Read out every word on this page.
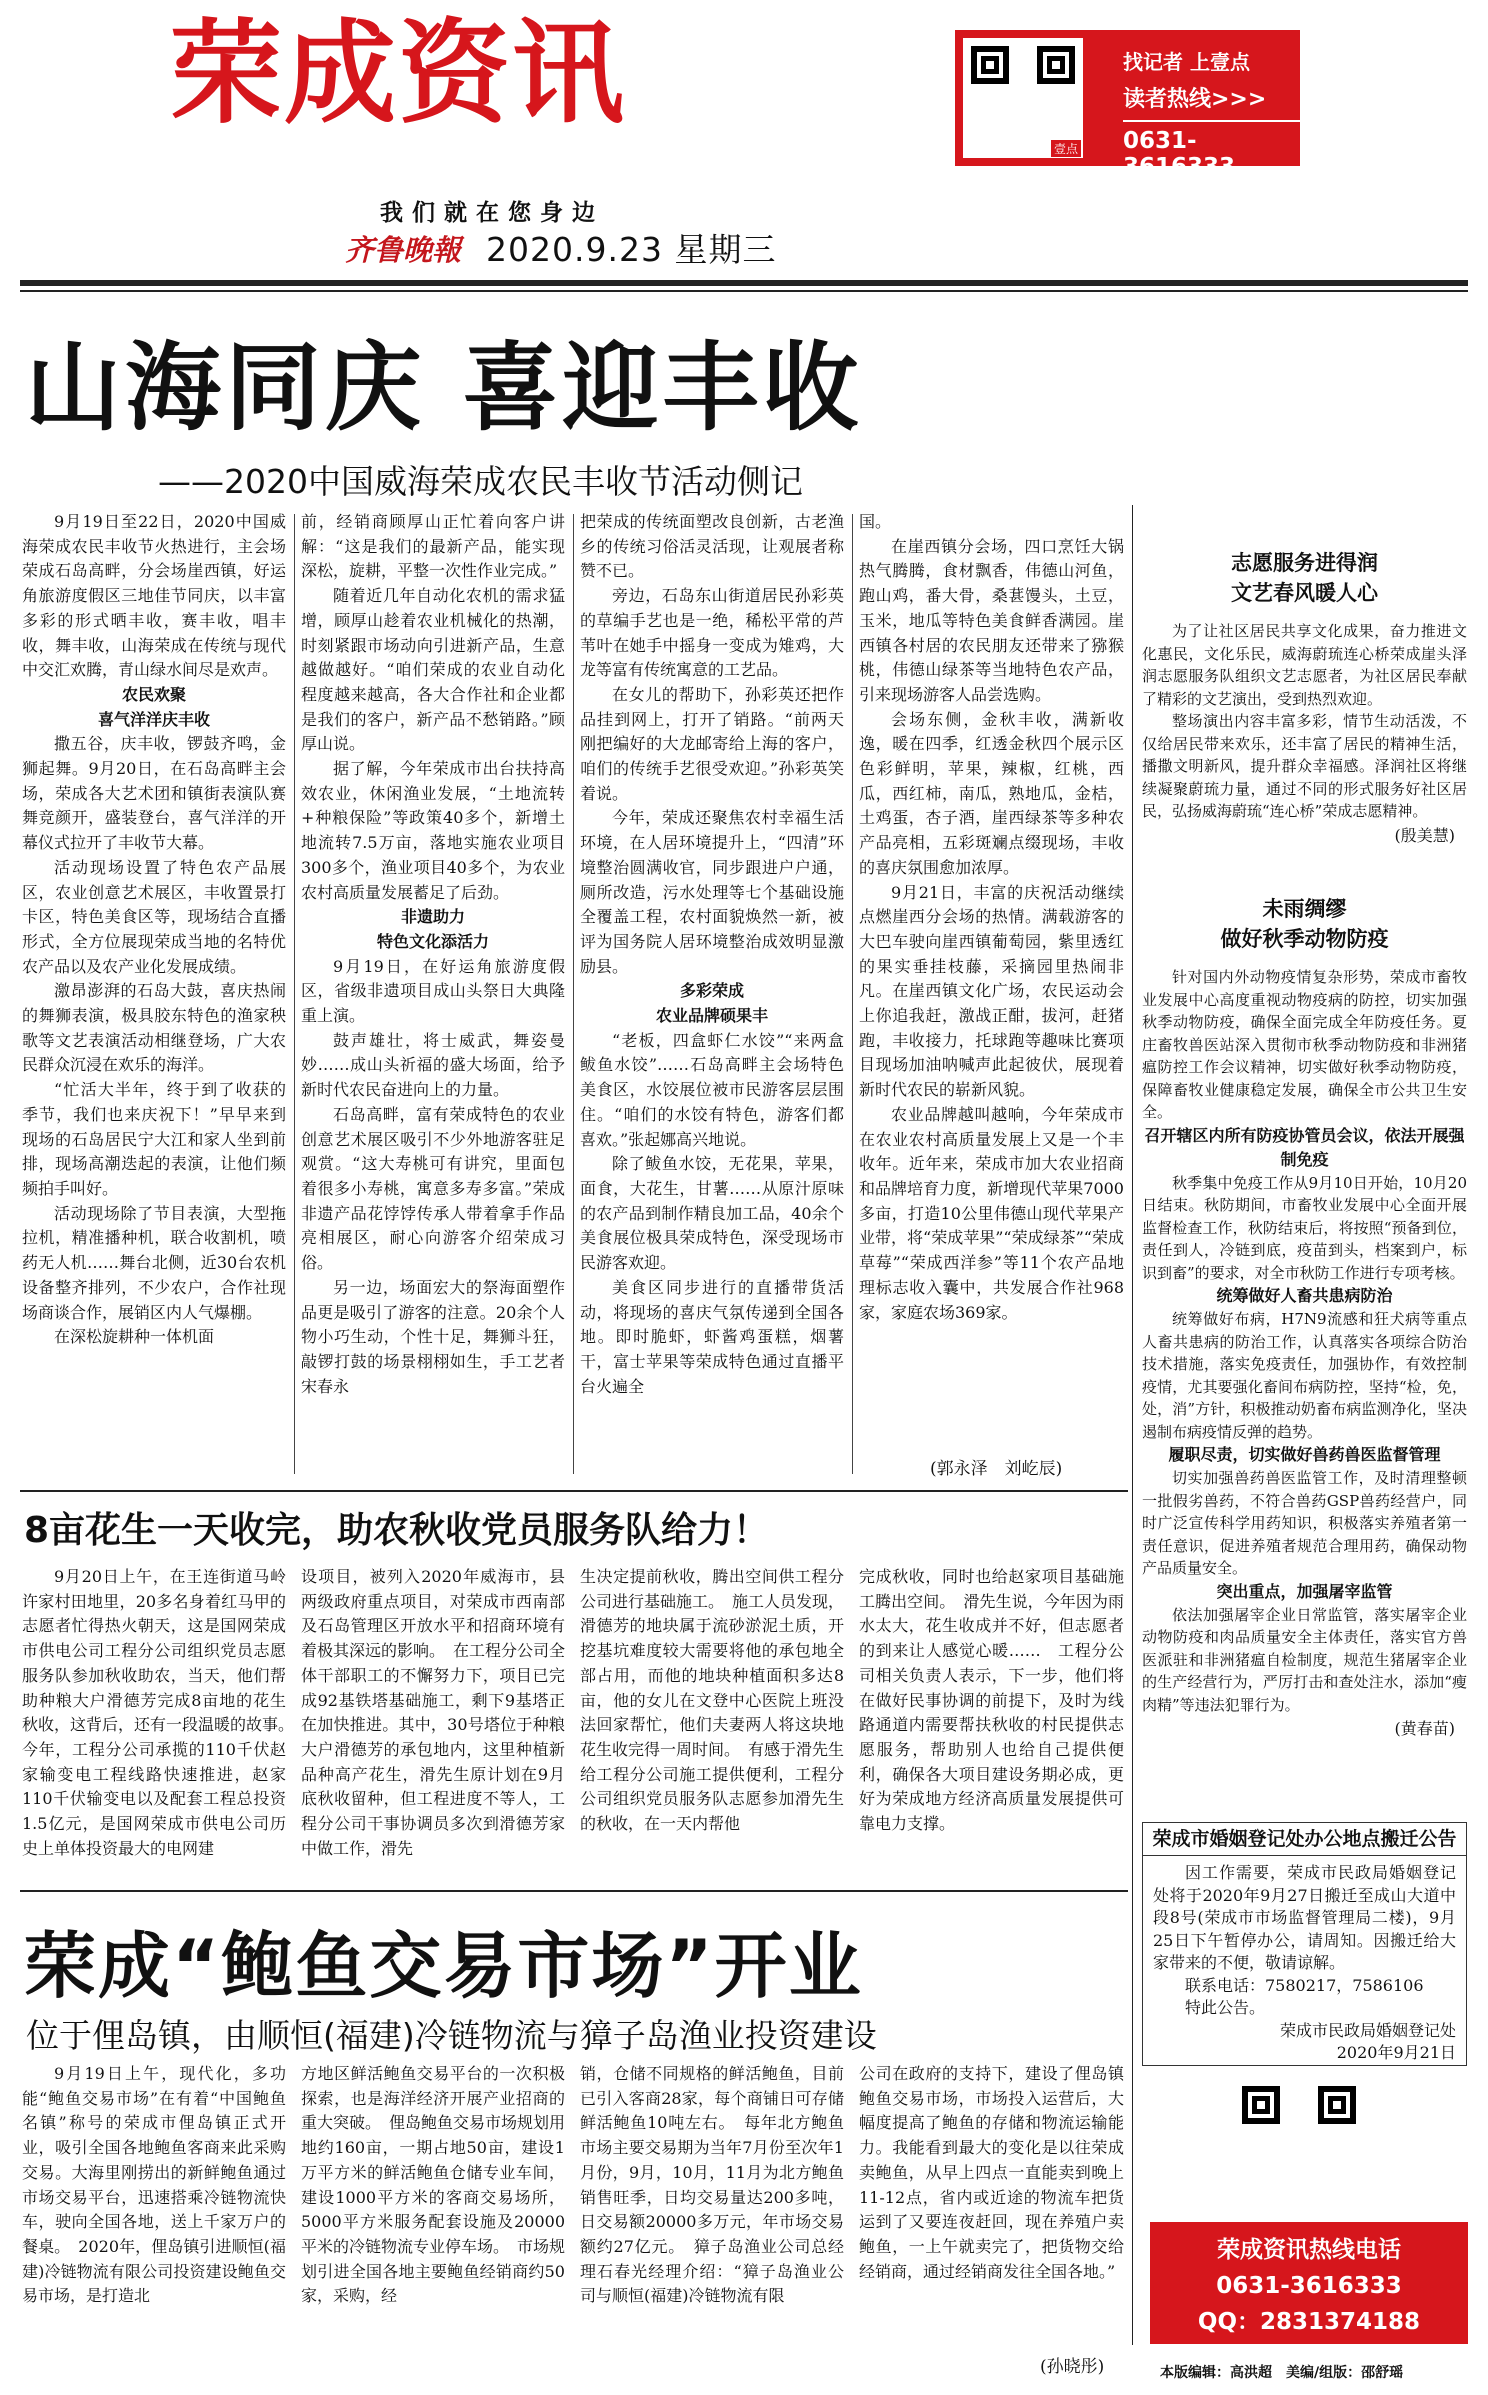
荣成资讯
我们就在您身边
齐鲁晚報 2020.9.23 星期三
壹点
找记者 上壹点
读者热线>>>
0631-3616333
山海同庆 喜迎丰收
——2020中国威海荣成农民丰收节活动侧记

9月19日至22日，2020中国威海荣成农民丰收节火热进行，主会场荣成石岛高畔，分会场崖西镇，好运角旅游度假区三地佳节同庆，以丰富多彩的形式晒丰收，赛丰收，唱丰收，舞丰收，山海荣成在传统与现代中交汇欢腾，青山绿水间尽是欢声。

农民欢聚
喜气洋洋庆丰收

撒五谷，庆丰收，锣鼓齐鸣，金狮起舞。9月20日，在石岛高畔主会场，荣成各大艺术团和镇街表演队赛舞竞颜开，盛装登台，喜气洋洋的开幕仪式拉开了丰收节大幕。

活动现场设置了特色农产品展区，农业创意艺术展区，丰收置景打卡区，特色美食区等，现场结合直播形式，全方位展现荣成当地的名特优农产品以及农产业化发展成绩。

激昂澎湃的石岛大鼓，喜庆热闹的舞狮表演，极具胶东特色的渔家秧歌等文艺表演活动相继登场，广大农民群众沉浸在欢乐的海洋。

“忙活大半年，终于到了收获的季节，我们也来庆祝下！”早早来到现场的石岛居民宁大江和家人坐到前排，现场高潮迭起的表演，让他们频频拍手叫好。

活动现场除了节目表演，大型拖拉机，精准播种机，联合收割机，喷药无人机……舞台北侧，近30台农机设备整齐排列，不少农户，合作社现场商谈合作，展销区内人气爆棚。

在深松旋耕种一体机面

前，经销商顾厚山正忙着向客户讲解：“这是我们的最新产品，能实现深松，旋耕，平整一次性作业完成。”

随着近几年自动化农机的需求猛增，顾厚山趁着农业机械化的热潮，时刻紧跟市场动向引进新产品，生意越做越好。“咱们荣成的农业自动化程度越来越高，各大合作社和企业都是我们的客户，新产品不愁销路。”顾厚山说。

据了解，今年荣成市出台扶持高效农业，休闲渔业发展，“土地流转+种粮保险”等政策40多个，新增土地流转7.5万亩，落地实施农业项目300多个，渔业项目40多个，为农业农村高质量发展蓄足了后劲。

非遗助力
特色文化添活力

9月19日，在好运角旅游度假区，省级非遗项目成山头祭日大典隆重上演。

鼓声雄壮，将士威武，舞姿曼妙……成山头祈福的盛大场面，给予新时代农民奋进向上的力量。

石岛高畔，富有荣成特色的农业创意艺术展区吸引不少外地游客驻足观赏。“这大寿桃可有讲究，里面包着很多小寿桃，寓意多寿多富。”荣成非遗产品花饽饽传承人带着拿手作品亮相展区，耐心向游客介绍荣成习俗。

另一边，场面宏大的祭海面塑作品更是吸引了游客的注意。20余个人物小巧生动，个性十足，舞狮斗狂，敲锣打鼓的场景栩栩如生，手工艺者宋春永

把荣成的传统面塑改良创新，古老渔乡的传统习俗活灵活现，让观展者称赞不已。

旁边，石岛东山街道居民孙彩英的草编手艺也是一绝，稀松平常的芦苇叶在她手中摇身一变成为雉鸡，大龙等富有传统寓意的工艺品。

在女儿的帮助下，孙彩英还把作品挂到网上，打开了销路。“前两天刚把编好的大龙邮寄给上海的客户，咱们的传统手艺很受欢迎。”孙彩英笑着说。

今年，荣成还聚焦农村幸福生活环境，在人居环境提升上，“四清”环境整治圆满收官，同步跟进户户通，厕所改造，污水处理等七个基础设施全覆盖工程，农村面貌焕然一新，被评为国务院人居环境整治成效明显激励县。

多彩荣成
农业品牌硕果丰

“老板，四盒虾仁水饺”“来两盒鲅鱼水饺”……石岛高畔主会场特色美食区，水饺展位被市民游客层层围住。“咱们的水饺有特色，游客们都喜欢。”张起娜高兴地说。

除了鲅鱼水饺，无花果，苹果，面食，大花生，甘薯……从原汁原味的农产品到制作精良加工品，40余个美食展位极具荣成特色，深受现场市民游客欢迎。

美食区同步进行的直播带货活动，将现场的喜庆气氛传递到全国各地。即时脆虾，虾酱鸡蛋糕，烟薯干，富士苹果等荣成特色通过直播平台火遍全

国。

在崖西镇分会场，四口烹饪大锅热气腾腾，食材飘香，伟德山河鱼，跑山鸡，番大骨，桑葚馒头，土豆，玉米，地瓜等特色美食鲜香满园。崖西镇各村居的农民朋友还带来了猕猴桃，伟德山绿茶等当地特色农产品，引来现场游客人品尝选购。

会场东侧，金秋丰收，满新收逸，暖在四季，红透金秋四个展示区色彩鲜明，苹果，辣椒，红桃，西瓜，西红柿，南瓜，熟地瓜，金桔，土鸡蛋，杏子酒，崖西绿茶等多种农产品亮相，五彩斑斓点缀现场，丰收的喜庆氛围愈加浓厚。

9月21日，丰富的庆祝活动继续点燃崖西分会场的热情。满载游客的大巴车驶向崖西镇葡萄园，紫里透红的果实垂挂枝藤，采摘园里热闹非凡。在崖西镇文化广场，农民运动会上你追我赶，激战正酣，拔河，赶猪跑，丰收接力，托球跑等趣味比赛项目现场加油呐喊声此起彼伏，展现着新时代农民的崭新风貌。

农业品牌越叫越响，今年荣成市在农业农村高质量发展上又是一个丰收年。近年来，荣成市加大农业招商和品牌培育力度，新增现代苹果7000多亩，打造10公里伟德山现代苹果产业带，将“荣成苹果”“荣成绿茶”“荣成草莓”“荣成西洋参”等11个农产品地理标志收入囊中，共发展合作社968家，家庭农场369家。

(郭永泽　刘屹辰)
志愿服务进得润
文艺春风暖人心

为了让社区居民共享文化成果，奋力推进文化惠民，文化乐民，威海蔚琉连心桥荣成崖头泽润志愿服务队组织文艺志愿者，为社区居民奉献了精彩的文艺演出，受到热烈欢迎。

整场演出内容丰富多彩，情节生动活泼，不仅给居民带来欢乐，还丰富了居民的精神生活，播撒文明新风，提升群众幸福感。泽润社区将继续凝聚蔚琉力量，通过不同的形式服务好社区居民，弘扬威海蔚琉“连心桥”荣成志愿精神。

(殷美慧)
未雨绸缪
做好秋季动物防疫

针对国内外动物疫情复杂形势，荣成市畜牧业发展中心高度重视动物疫病的防控，切实加强秋季动物防疫，确保全面完成全年防疫任务。夏庄畜牧兽医站深入贯彻市秋季动物防疫和非洲猪瘟防控工作会议精神，切实做好秋季动物防疫，保障畜牧业健康稳定发展，确保全市公共卫生安全。

召开辖区内所有防疫协管员会议，依法开展强制免疫

秋季集中免疫工作从9月10日开始，10月20日结束。秋防期间，市畜牧业发展中心全面开展监督检查工作，秋防结束后，将按照“预备到位，责任到人，冷链到底，疫苗到头，档案到户，标识到畜”的要求，对全市秋防工作进行专项考核。

统筹做好人畜共患病防治

统筹做好布病，H7N9流感和狂犬病等重点人畜共患病的防治工作，认真落实各项综合防治技术措施，落实免疫责任，加强协作，有效控制疫情，尤其要强化畜间布病防控，坚持“检，免，处，消”方针，积极推动奶畜布病监测净化，坚决遏制布病疫情反弹的趋势。

履职尽责，切实做好兽药兽医监督管理

切实加强兽药兽医监管工作，及时清理整顿一批假劣兽药，不符合兽药GSP兽药经营户，同时广泛宣传科学用药知识，积极落实养殖者第一责任意识，促进养殖者规范合理用药，确保动物产品质量安全。

突出重点，加强屠宰监管

依法加强屠宰企业日常监管，落实屠宰企业动物防疫和肉品质量安全主体责任，落实官方兽医派驻和非洲猪瘟自检制度，规范生猪屠宰企业的生产经营行为，严厉打击和查处注水，添加“瘦肉精”等违法犯罪行为。

(黄春苗)
荣成市婚姻登记处办公地点搬迁公告

因工作需要，荣成市民政局婚姻登记处将于2020年9月27日搬迁至成山大道中段8号(荣成市市场监督管理局二楼)，9月25日下午暂停办公，请周知。因搬迁给大家带来的不便，敬请谅解。

联系电话：7580217，7586106

特此公告。

荣成市民政局婚姻登记处

2020年9月21日

荣成资讯热线电话
0631-3616333
QQ：2831374188
本版编辑：高洪超　美编/组版：邵舒瑶
8亩花生一天收完，助农秋收党员服务队给力！
9月20日上午，在王连街道马岭许家村田地里，20多名身着红马甲的志愿者忙得热火朝天，这是国网荣成市供电公司工程分公司组织党员志愿服务队参加秋收助农，当天，他们帮助种粮大户滑德芳完成8亩地的花生秋收，这背后，还有一段温暖的故事。　今年，工程分公司承揽的110千伏赵家输变电工程线路快速推进，赵家110千伏输变电以及配套工程总投资1.5亿元，是国网荣成市供电公司历史上单体投资最大的电网建
设项目，被列入2020年威海市，县两级政府重点项目，对荣成市西南部及石岛管理区开放水平和招商环境有着极其深远的影响。　在工程分公司全体干部职工的不懈努力下，项目已完成92基铁塔基础施工，剩下9基塔正在加快推进。其中，30号塔位于种粮大户滑德芳的承包地内，这里种植新品种高产花生，滑先生原计划在9月底秋收留种，但工程进度不等人，工程分公司干事协调员多次到滑德芳家中做工作，滑先
生决定提前秋收，腾出空间供工程分公司进行基础施工。　施工人员发现，滑德芳的地块属于流砂淤泥土质，开挖基坑难度较大需要将他的承包地全部占用，而他的地块种植面积多达8亩，他的女儿在文登中心医院上班没法回家帮忙，他们夫妻两人将这块地花生收完得一周时间。　有感于滑先生给工程分公司施工提供便利，工程分公司组织党员服务队志愿参加滑先生的秋收，在一天内帮他
完成秋收，同时也给赵家项目基础施工腾出空间。　滑先生说，今年因为雨水太大，花生收成并不好，但志愿者的到来让人感觉心暖……　工程分公司相关负责人表示，下一步，他们将在做好民事协调的前提下，及时为线路通道内需要帮扶秋收的村民提供志愿服务，帮助别人也给自己提供便利，确保各大项目建设务期必成，更好为荣成地方经济高质量发展提供可靠电力支撑。
荣成“鲍鱼交易市场”开业
位于俚岛镇，由顺恒(福建)冷链物流与獐子岛渔业投资建设
9月19日上午，现代化，多功能“鲍鱼交易市场”在有着“中国鲍鱼名镇”称号的荣成市俚岛镇正式开业，吸引全国各地鲍鱼客商来此采购交易。大海里刚捞出的新鲜鲍鱼通过市场交易平台，迅速搭乘冷链物流快车，驶向全国各地，送上千家万户的餐桌。　2020年，俚岛镇引进顺恒(福建)冷链物流有限公司投资建设鲍鱼交易市场，是打造北
方地区鲜活鲍鱼交易平台的一次积极探索，也是海洋经济开展产业招商的重大突破。　俚岛鲍鱼交易市场规划用地约160亩，一期占地50亩，建设1万平方米的鲜活鲍鱼仓储专业车间，建设1000平方米的客商交易场所，5000平方米服务配套设施及20000平米的冷链物流专业停车场。　市场规划引进全国各地主要鲍鱼经销商约50家，采购，经
销，仓储不同规格的鲜活鲍鱼，目前已引入客商28家，每个商铺日可存储鲜活鲍鱼10吨左右。　每年北方鲍鱼市场主要交易期为当年7月份至次年1月份，9月，10月，11月为北方鲍鱼销售旺季，日均交易量达200多吨，日交易额20000多万元，年市场交易额约27亿元。　獐子岛渔业公司总经理石春光经理介绍：“獐子岛渔业公司与顺恒(福建)冷链物流有限
公司在政府的支持下，建设了俚岛镇鲍鱼交易市场，市场投入运营后，大幅度提高了鲍鱼的存储和物流运输能力。我能看到最大的变化是以往荣成卖鲍鱼，从早上四点一直能卖到晚上11-12点，省内或近途的物流车把货运到了又要连夜赶回，现在养殖户卖鲍鱼，一上午就卖完了，把货物交给经销商，通过经销商发往全国各地。”
(孙晓彤)
